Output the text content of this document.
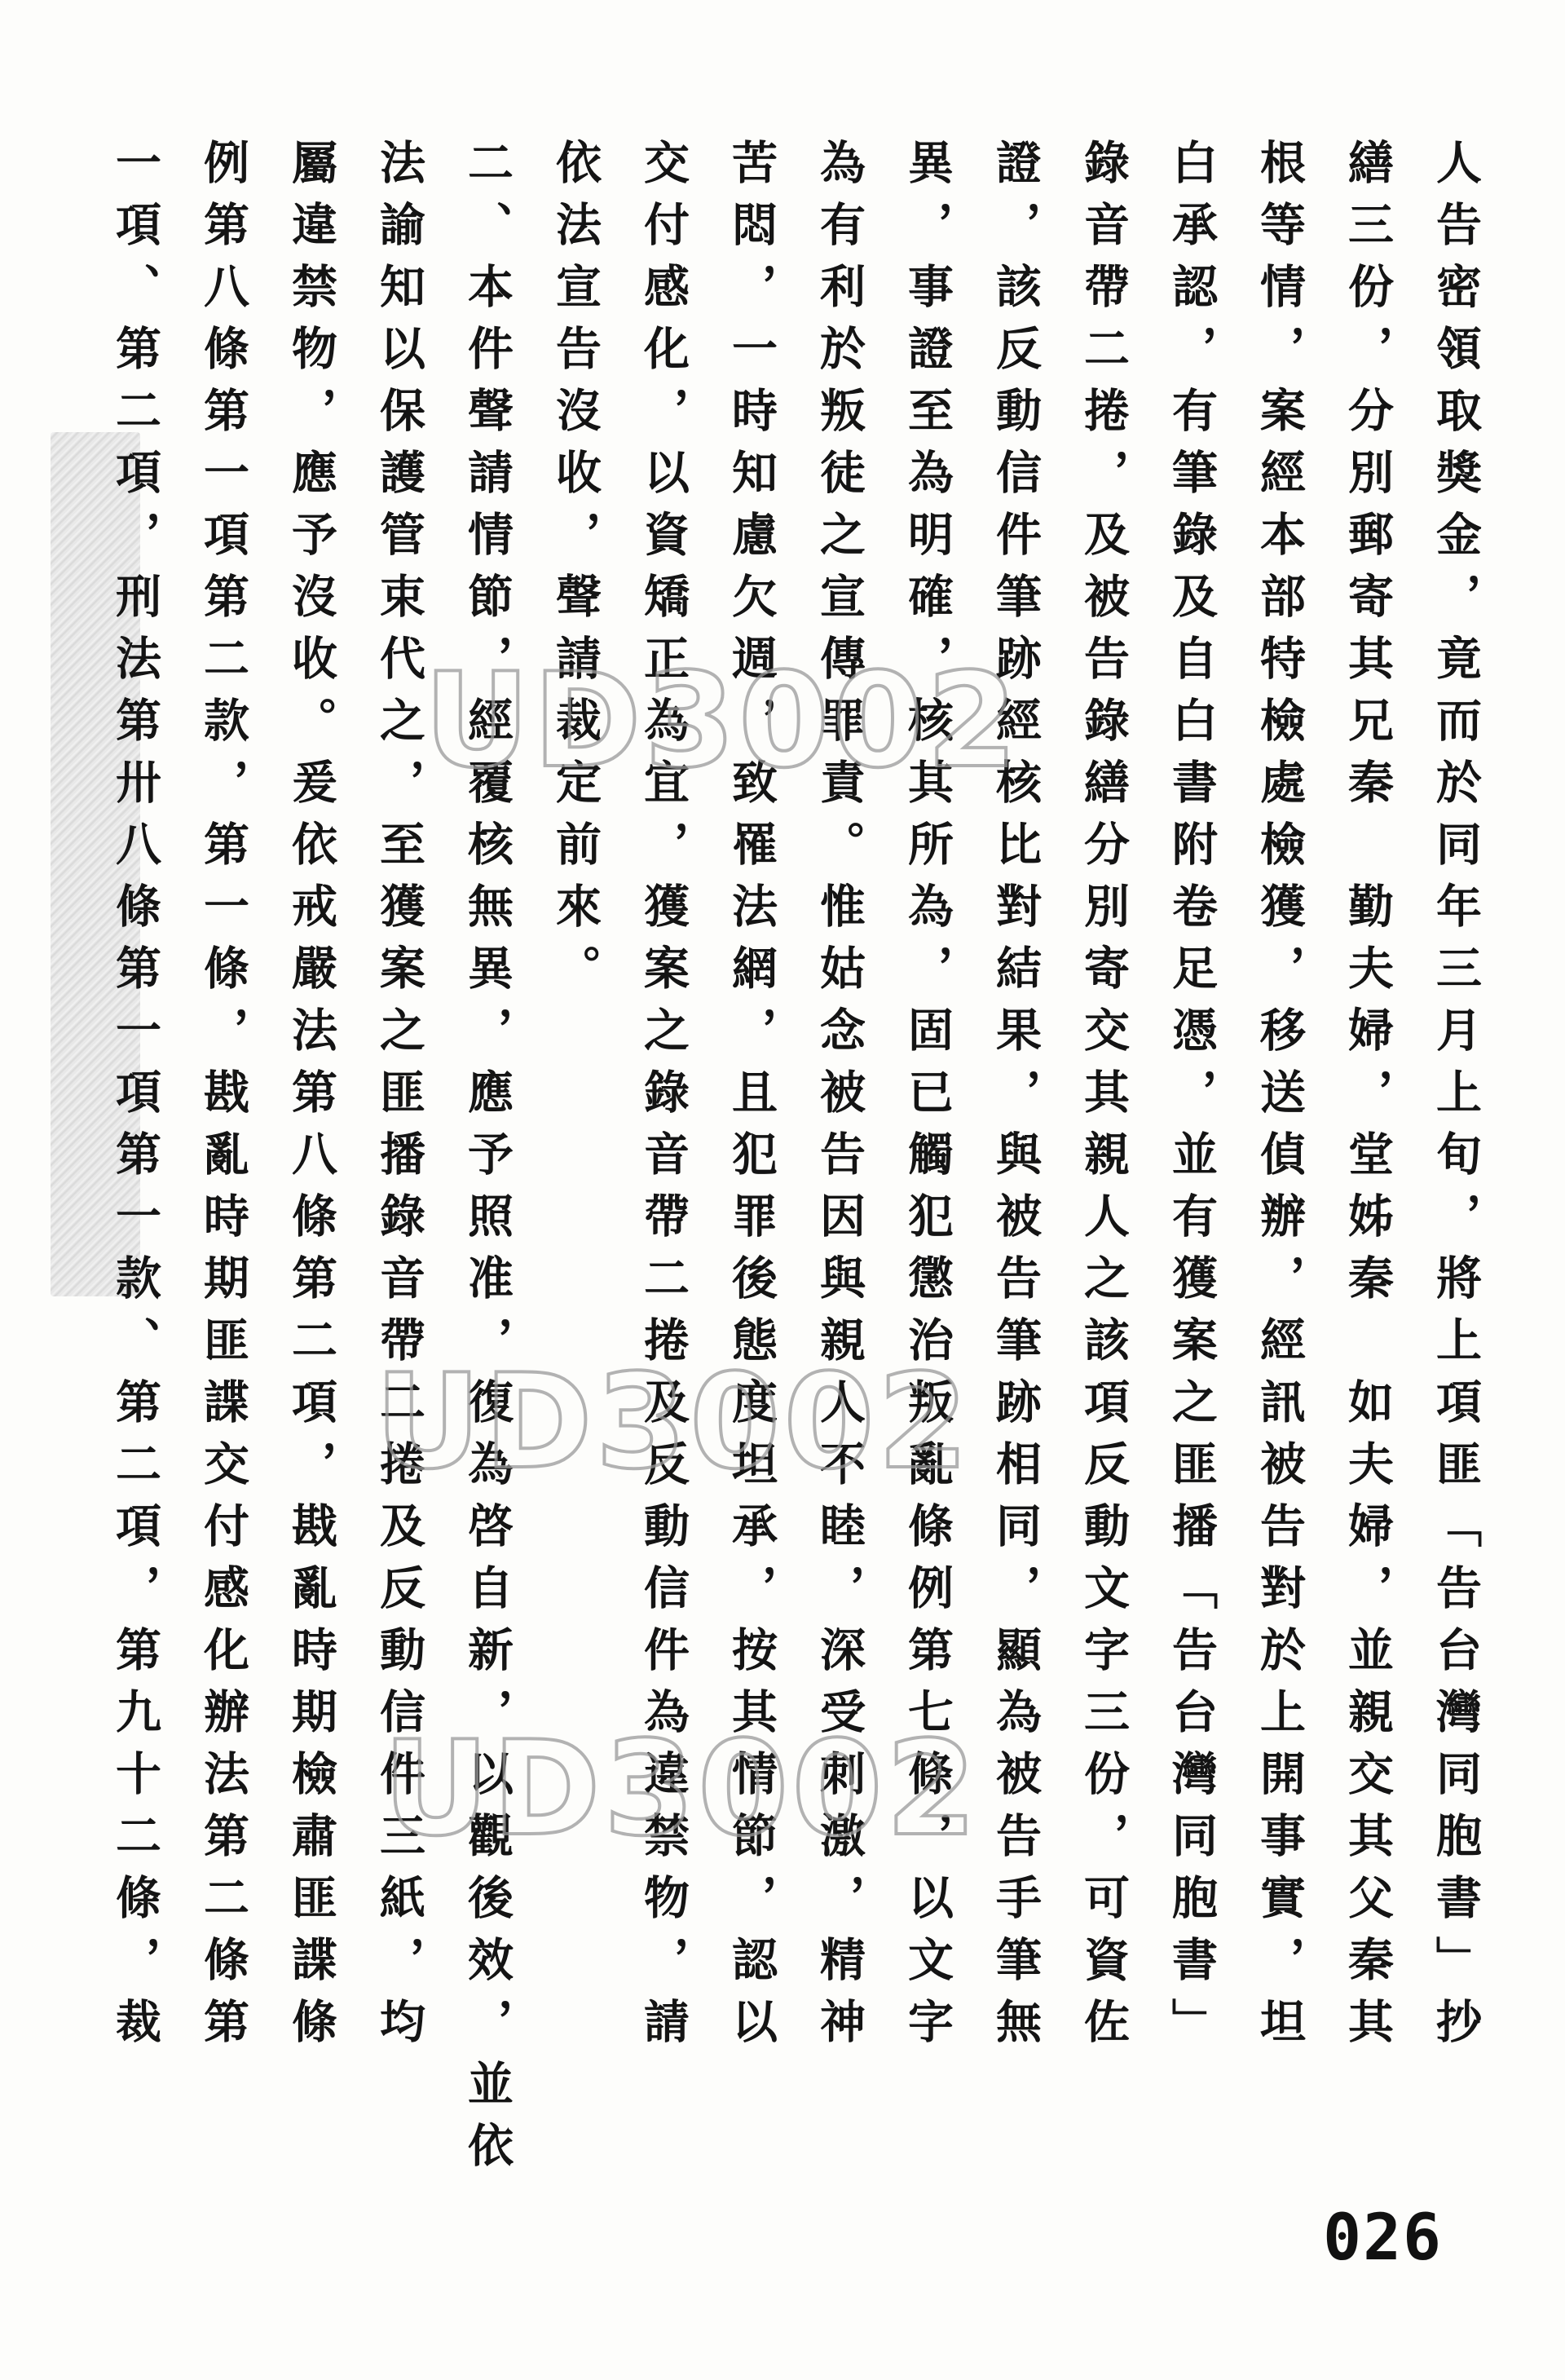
人告密領取獎金，竟而於同年三月上旬，將上項匪「告台灣同胞書」抄
繕三份，分別郵寄其兄秦　勤夫婦，堂姊秦　如夫婦，並親交其父秦其
根等情，案經本部特檢處檢獲，移送偵辦，經訊被告對於上開事實，坦
白承認，有筆錄及自白書附卷足憑，並有獲案之匪播「告台灣同胞書」
錄音帶二捲，及被告錄繕分別寄交其親人之該項反動文字三份，可資佐
證，該反動信件筆跡經核比對結果，與被告筆跡相同，顯為被告手筆無
異，事證至為明確，核其所為，固已觸犯懲治叛亂條例第七條，以文字
為有利於叛徒之宣傳罪責。惟姑念被告因與親人不睦，深受刺激，精神
苦悶，一時知慮欠週，致罹法網，且犯罪後態度坦承，按其情節，認以
交付感化，以資矯正為宜，獲案之錄音帶二捲及反動信件為違禁物，請
依法宣告沒收，聲請裁定前來。
二、本件聲請情節，經覆核無異，應予照准，復為啓自新，以觀後效，並依
法諭知以保護管束代之，至獲案之匪播錄音帶二捲及反動信件三紙，均
屬違禁物，應予沒收。爰依戒嚴法第八條第二項，戡亂時期檢肅匪諜條
例第八條第一項第二款，第一條，戡亂時期匪諜交付感化辦法第二條第
一項、第二項，刑法第卅八條第一項第一款、第二項，第九十二條，裁 UD3002
UD3002
UD3002
026
